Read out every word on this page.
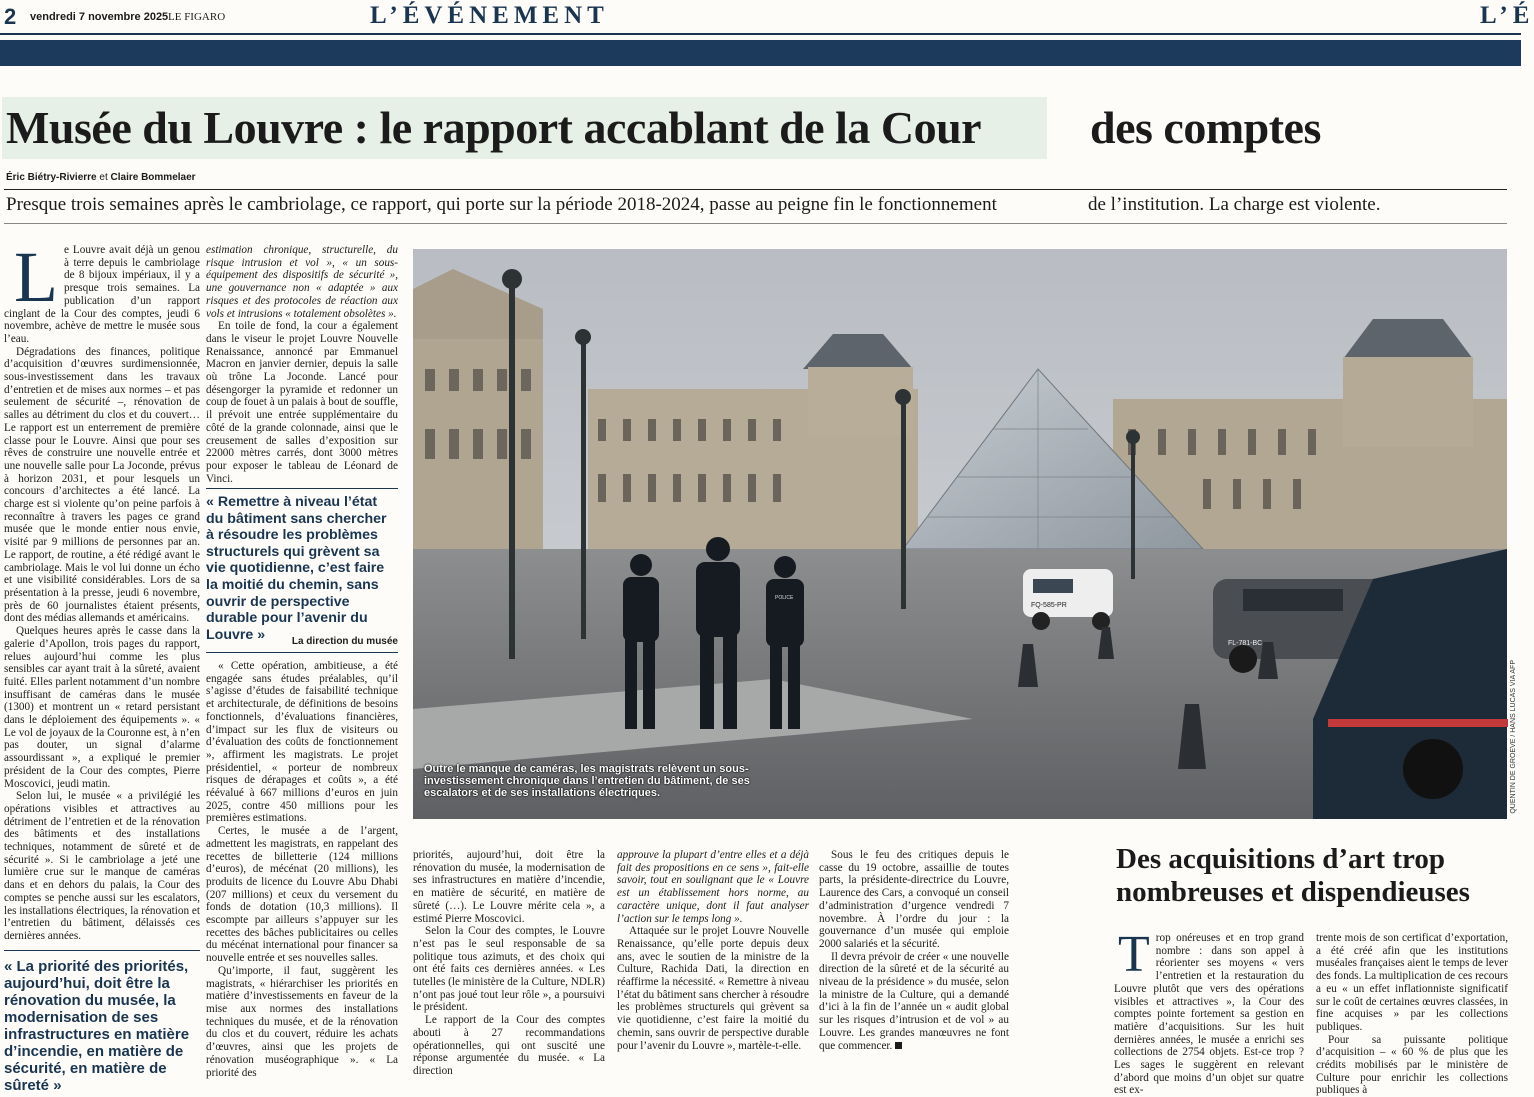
2 vendredi 7 novembre 2025 LE FIGARO	L’ÉVÉNEMENT	L’É
Musée du Louvre : le rapport accablant de la Cour des comptes
Éric Biétry-Rivierre et Claire Bommelaer
Presque trois semaines après le cambriolage, ce rapport, qui porte sur la période 2018-2024, passe au peigne fin le fonctionnement	de l’institution. La charge est violente.
L e Louvre avait déjà un genou à terre depuis le cambriolage de 8 bijoux impériaux, il y a presque trois semaines. La publication d’un rapport cinglant de la Cour des comptes, jeudi 6 novembre, achève de mettre le musée sous l’eau.

Dégradations des finances, politique d’acquisition d’œuvres surdimensionnée, sous-investissement dans les travaux d’entretien et de mises aux normes – et pas seulement de sécurité –, rénovation de salles au détriment du clos et du couvert… Le rapport est un enterrement de première classe pour le Louvre. Ainsi que pour ses rêves de construire une nouvelle entrée et une nouvelle salle pour La Joconde, prévus à horizon 2031, et pour lesquels un concours d’architectes a été lancé. La charge est si violente qu’on peine parfois à reconnaître à travers les pages ce grand musée que le monde entier nous envie, visité par 9 millions de personnes par an. Le rapport, de routine, a été rédigé avant le cambriolage. Mais le vol lui donne un écho et une visibilité considérables. Lors de sa présentation à la presse, jeudi 6 novembre, près de 60 journalistes étaient présents, dont des médias allemands et américains.

Quelques heures après le casse dans la galerie d’Apollon, trois pages du rapport, relues aujourd’hui comme les plus sensibles car ayant trait à la sûreté, avaient fuité. Elles parlent notamment d’un nombre insuffisant de caméras dans le musée (1300) et montrent un « retard persistant dans le déploiement des équipements ». « Le vol de joyaux de la Couronne est, à n’en pas douter, un signal d’alarme assourdissant », a expliqué le premier président de la Cour des comptes, Pierre Moscovici, jeudi matin.

Selon lui, le musée « a privilégié les opérations visibles et attractives au détriment de l’entretien et de la rénovation des bâtiments et des installations techniques, notamment de sûreté et de sécurité ». Si le cambriolage a jeté une lumière crue sur le manque de caméras dans et en dehors du palais, la Cour des comptes se penche aussi sur les escalators, les installations électriques, la rénovation et l’entretien du bâtiment, délaissés ces dernières années.

« La priorité des priorités, aujourd’hui, doit être la rénovation du musée, la modernisation de ses infrastructures en matière d’incendie, en matière de sécurité, en matière de sûreté »

estimation chronique, structurelle, du risque intrusion et vol », « un sous-équipement des dispositifs de sécurité », une gouvernance non « adaptée » aux risques et des protocoles de réaction aux vols et intrusions « totalement obsolètes ».

En toile de fond, la cour a également dans le viseur le projet Louvre Nouvelle Renaissance, annoncé par Emmanuel Macron en janvier dernier, depuis la salle où trône La Joconde. Lancé pour désengorger la pyramide et redonner un coup de fouet à un palais à bout de souffle, il prévoit une entrée supplémentaire du côté de la grande colonnade, ainsi que le creusement de salles d’exposition sur 22000 mètres carrés, dont 3000 mètres pour exposer le tableau de Léonard de Vinci.

« Remettre à niveau l’état du bâtiment sans chercher à résoudre les problèmes structurels qui grèvent sa vie quotidienne, c’est faire la moitié du chemin, sans ouvrir de perspective durable pour l’avenir du Louvre »	La direction du musée

« Cette opération, ambitieuse, a été engagée sans études préalables, qu’il s’agisse d’études de faisabilité technique et architecturale, de définitions de besoins fonctionnels, d’évaluations financières, d’impact sur les flux de visiteurs ou d’évaluation des coûts de fonctionnement », affirment les magistrats. Le projet présidentiel, « porteur de nombreux risques de dérapages et coûts », a été réévalué à 667 millions d’euros en juin 2025, contre 450 millions pour les premières estimations.

Certes, le musée a de l’argent, admettent les magistrats, en rappelant des recettes de billetterie (124 millions d’euros), de mécénat (20 millions), les produits de licence du Louvre Abu Dhabi (207 millions) et ceux du versement du fonds de dotation (10,3 millions). Il escompte par ailleurs s’appuyer sur les recettes des bâches publicitaires ou celles du mécénat international pour financer sa nouvelle entrée et ses nouvelles salles.

Qu’importe, il faut, suggèrent les magistrats, « hiérarchiser les priorités en matière d’investissements en faveur de la mise aux normes des installations techniques du musée, et de la rénovation du clos et du couvert, réduire les achats d’œuvres, ainsi que les projets de rénovation muséographique ». « La priorité des

FQ-585-PR
FL-781-BC
POLICE
Outre le manque de caméras, les magistrats relèvent un sous-investissement chronique dans l’entretien du bâtiment, de ses escalators et de ses installations électriques.	QUENTIN DE GROEVE / HANS LUCAS VIA AFP

priorités, aujourd’hui, doit être la rénovation du musée, la modernisation de ses infrastructures en matière d’incendie, en matière de sécurité, en matière de sûreté (…). Le Louvre mérite cela », a estimé Pierre Moscovici.

Selon la Cour des comptes, le Louvre n’est pas le seul responsable de sa politique tous azimuts, et des choix qui ont été faits ces dernières années. « Les tutelles (le ministère de la Culture, NDLR) n’ont pas joué tout leur rôle », a poursuivi le président.

Le rapport de la Cour des comptes abouti à 27 recommandations opérationnelles, qui ont suscité une réponse argumentée du musée. « La direction

approuve la plupart d’entre elles et a déjà fait des propositions en ce sens », fait-elle savoir, tout en soulignant que le « Louvre est un établissement hors norme, au caractère unique, dont il faut analyser l’action sur le temps long ».

Attaquée sur le projet Louvre Nouvelle Renaissance, qu’elle porte depuis deux ans, avec le soutien de la ministre de la Culture, Rachida Dati, la direction en réaffirme la nécessité. « Remettre à niveau l’état du bâtiment sans chercher à résoudre les problèmes structurels qui grèvent sa vie quotidienne, c’est faire la moitié du chemin, sans ouvrir de perspective durable pour l’avenir du Louvre », martèle-t-elle.

Sous le feu des critiques depuis le casse du 19 octobre, assaillie de toutes parts, la présidente-directrice du Louvre, Laurence des Cars, a convoqué un conseil d’administration d’urgence vendredi 7 novembre. À l’ordre du jour : la gouvernance d’un musée qui emploie 2000 salariés et la sécurité.

Il devra prévoir de créer « une nouvelle direction de la sûreté et de la sécurité au niveau de la présidence » du musée, selon la ministre de la Culture, qui a demandé d’ici à la fin de l’année un « audit global sur les risques d’intrusion et de vol » au Louvre. Les grandes manœuvres ne font que commencer.

Des acquisitions d’art trop nombreuses et dispendieuses
T rop onéreuses et en trop grand nombre : dans son appel à réorienter ses moyens « vers l’entretien et la restauration du Louvre plutôt que vers des opérations visibles et attractives », la Cour des comptes pointe fortement sa gestion en matière d’acquisitions. Sur les huit dernières années, le musée a enrichi ses collections de 2754 objets. Est-ce trop ? Les sages le suggèrent en relevant d’abord que moins d’un objet sur quatre est ex-

trente mois de son certificat d’exportation, a été créé afin que les institutions muséales françaises aient le temps de lever des fonds. La multiplication de ces recours a eu « un effet inflationniste significatif sur le coût de certaines œuvres classées, in fine acquises » par les collections publiques.

Pour sa puissante politique d’acquisition – « 60 % de plus que les crédits mobilisés par le ministère de Culture pour enrichir les collections publiques à
